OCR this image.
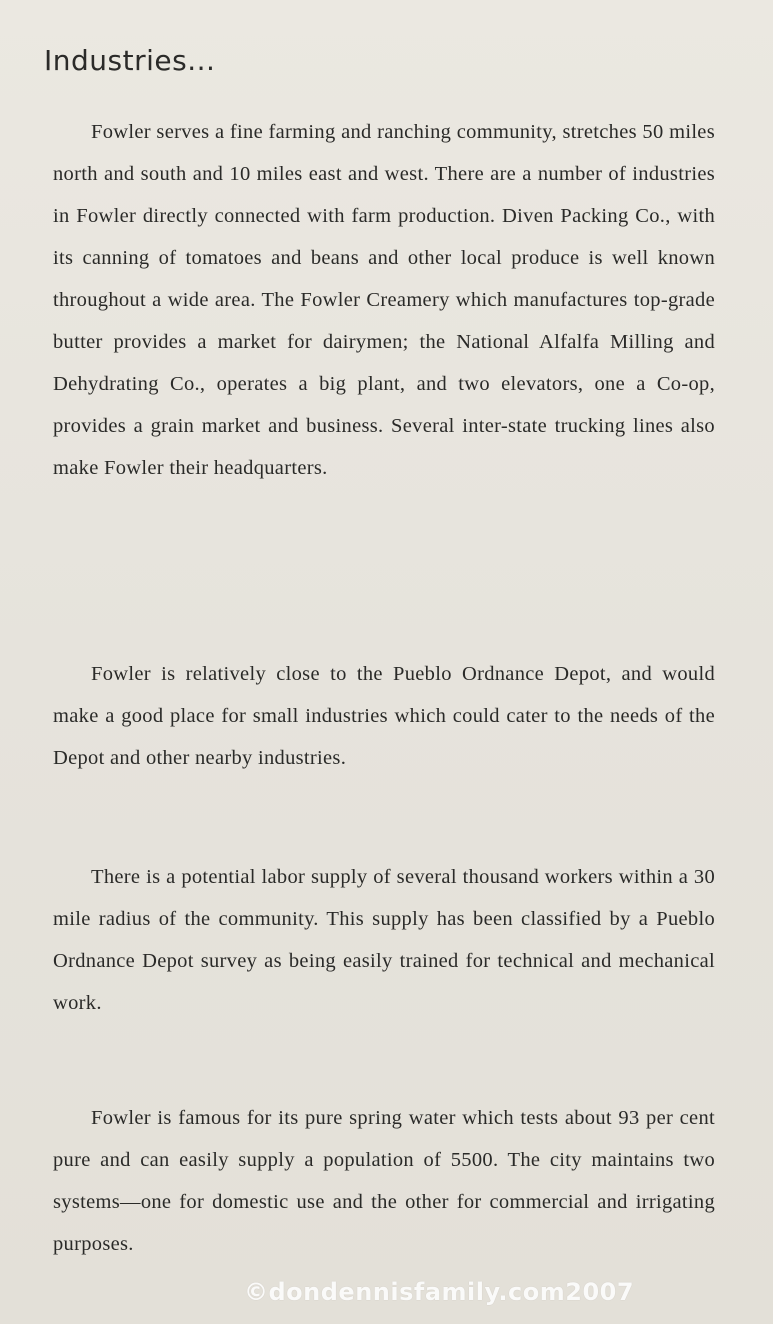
Industries...

Fowler serves a fine farming and ranching community, stretches 50 miles north and south and 10 miles east and west. There are a number of industries in Fowler directly connected with farm production. Diven Packing Co., with its canning of tomatoes and beans and other local produce is well known throughout a wide area. The Fowler Creamery which manufactures top-grade butter provides a market for dairymen; the National Alfalfa Milling and Dehydrating Co., operates a big plant, and two elevators, one a Co-op, provides a grain market and business. Several inter-state trucking lines also make Fowler their headquarters.

Fowler is relatively close to the Pueblo Ordnance Depot, and would make a good place for small industries which could cater to the needs of the Depot and other nearby industries.

There is a potential labor supply of several thousand workers within a 30 mile radius of the community. This supply has been classified by a Pueblo Ordnance Depot survey as being easily trained for technical and mechanical work.

Fowler is famous for its pure spring water which tests about 93 per cent pure and can easily supply a population of 5500. The city maintains two systems—one for domestic use and the other for commercial and irrigating purposes.

©dondennisfamily.com2007
